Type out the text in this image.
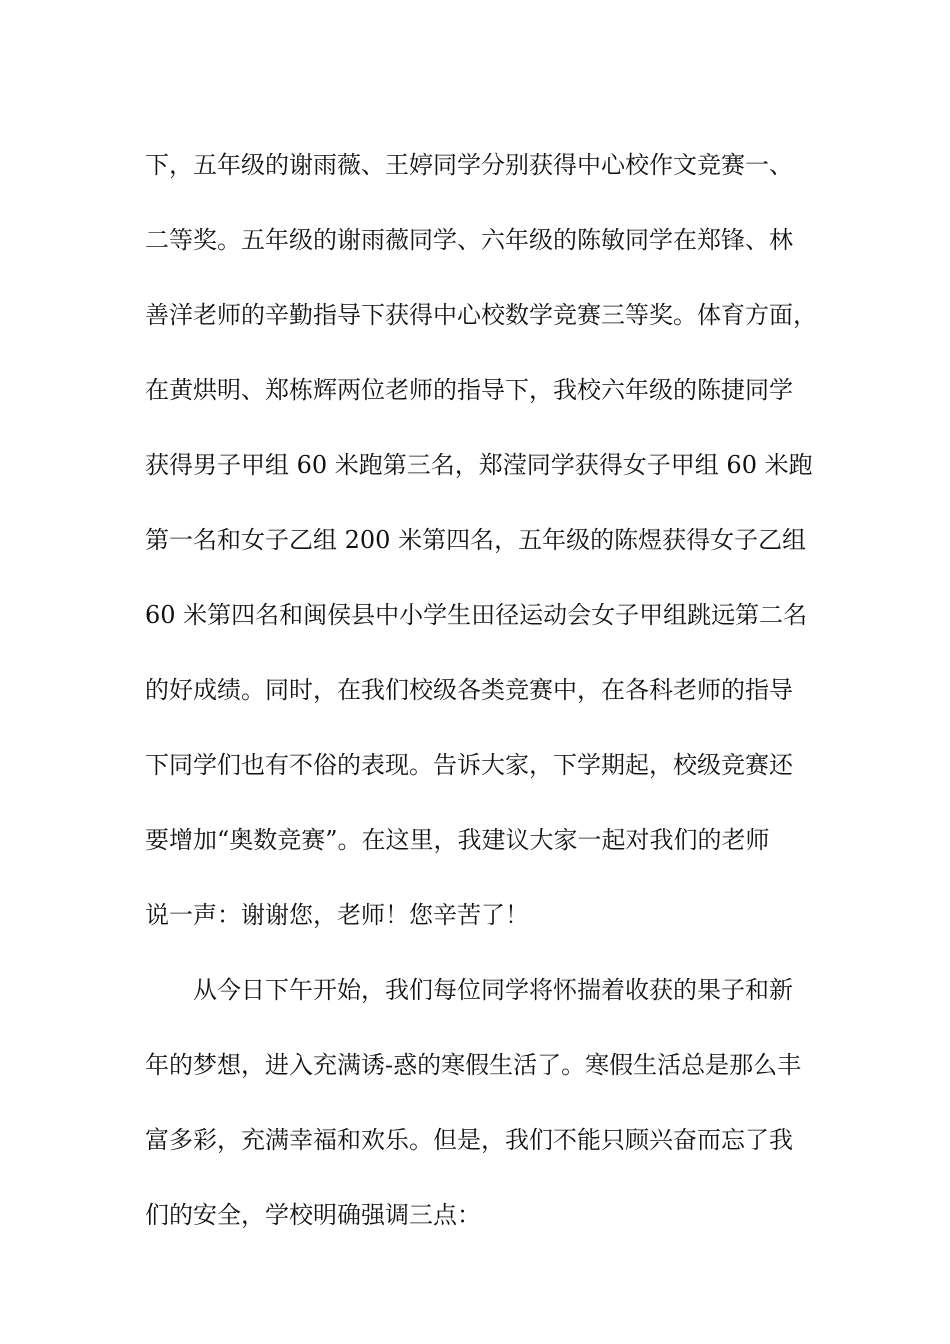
下，五年级的谢雨薇、王婷同学分别获得中心校作文竞赛一、
二等奖。五年级的谢雨薇同学、六年级的陈敏同学在郑锋、林
善洋老师的辛勤指导下获得中心校数学竞赛三等奖。体育方面，
在黄烘明、郑栋辉两位老师的指导下，我校六年级的陈捷同学
获得男子甲组 60 米跑第三名，郑滢同学获得女子甲组 60 米跑
第一名和女子乙组 200 米第四名，五年级的陈煜获得女子乙组
60 米第四名和闽侯县中小学生田径运动会女子甲组跳远第二名
的好成绩。同时，在我们校级各类竞赛中，在各科老师的指导
下同学们也有不俗的表现。告诉大家，下学期起，校级竞赛还
要增加“奥数竞赛”。在这里，我建议大家一起对我们的老师
说一声：谢谢您，老师！您辛苦了！
从今日下午开始，我们每位同学将怀揣着收获的果子和新
年的梦想，进入充满诱-惑的寒假生活了。寒假生活总是那么丰
富多彩，充满幸福和欢乐。但是，我们不能只顾兴奋而忘了我
们的安全，学校明确强调三点：
